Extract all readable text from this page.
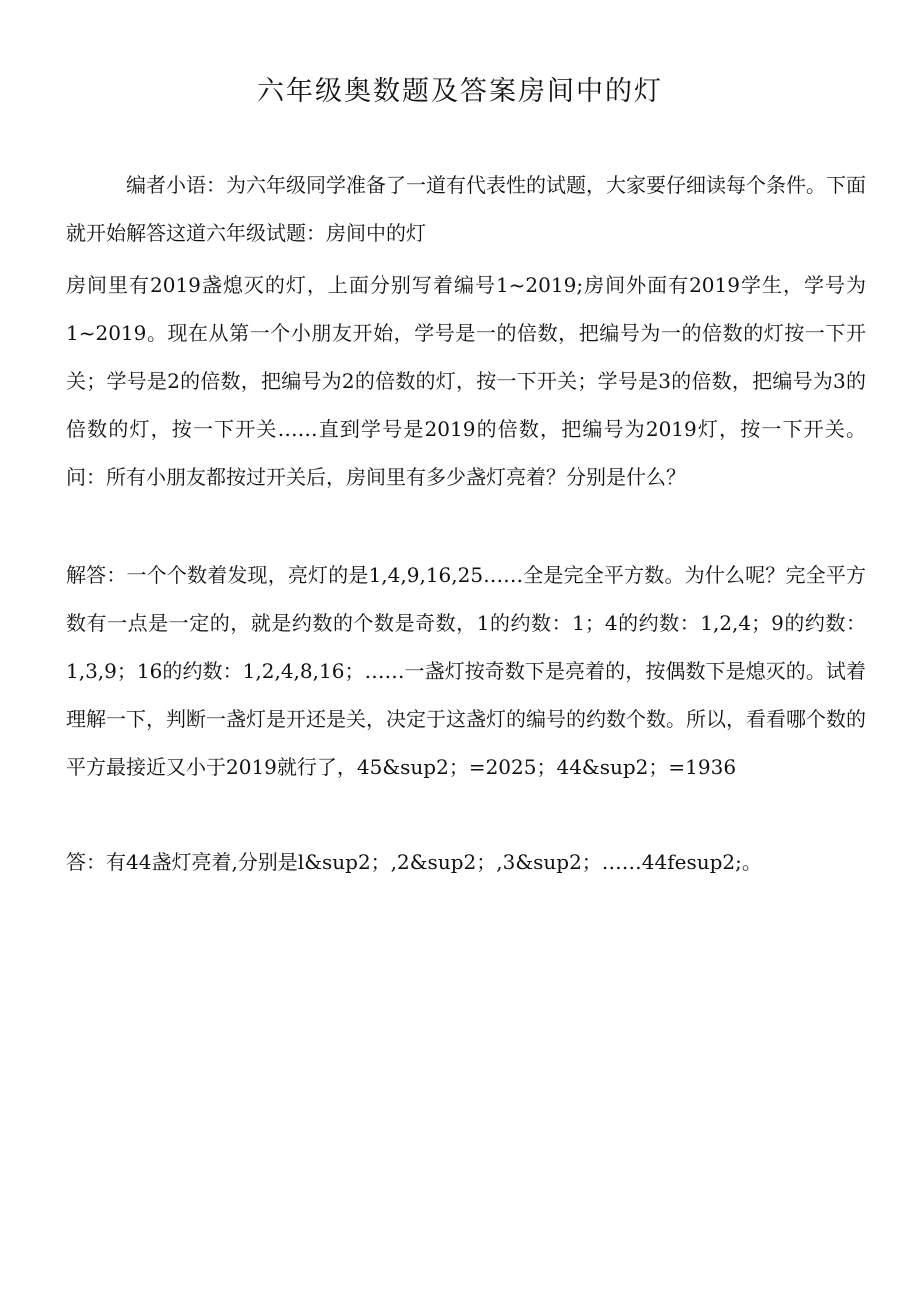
六年级奥数题及答案房间中的灯
编者小语：为六年级同学准备了一道有代表性的试题，大家要仔细读每个条件。下面就开始解答这道六年级试题：房间中的灯
房间里有2019盏熄灭的灯，上面分别写着编号1~2019;房间外面有2019学生，学号为1~2019。现在从第一个小朋友开始，学号是一的倍数，把编号为一的倍数的灯按一下开关；学号是2的倍数，把编号为2的倍数的灯，按一下开关；学号是3的倍数，把编号为3的倍数的灯，按一下开关……直到学号是2019的倍数，把编号为2019灯，按一下开关。问：所有小朋友都按过开关后，房间里有多少盏灯亮着？分别是什么？
解答：一个个数着发现，亮灯的是1,4,9,16,25……全是完全平方数。为什么呢？完全平方数有一点是一定的，就是约数的个数是奇数，1的约数：1；4的约数：1,2,4；9的约数：1,3,9；16的约数：1,2,4,8,16；……一盏灯按奇数下是亮着的，按偶数下是熄灭的。试着理解一下，判断一盏灯是开还是关，决定于这盏灯的编号的约数个数。所以，看看哪个数的平方最接近又小于2019就行了，45&sup2；=2025；44&sup2；=1936
答：有44盏灯亮着,分别是l&sup2；,2&sup2；,3&sup2；……44fesup2;。
